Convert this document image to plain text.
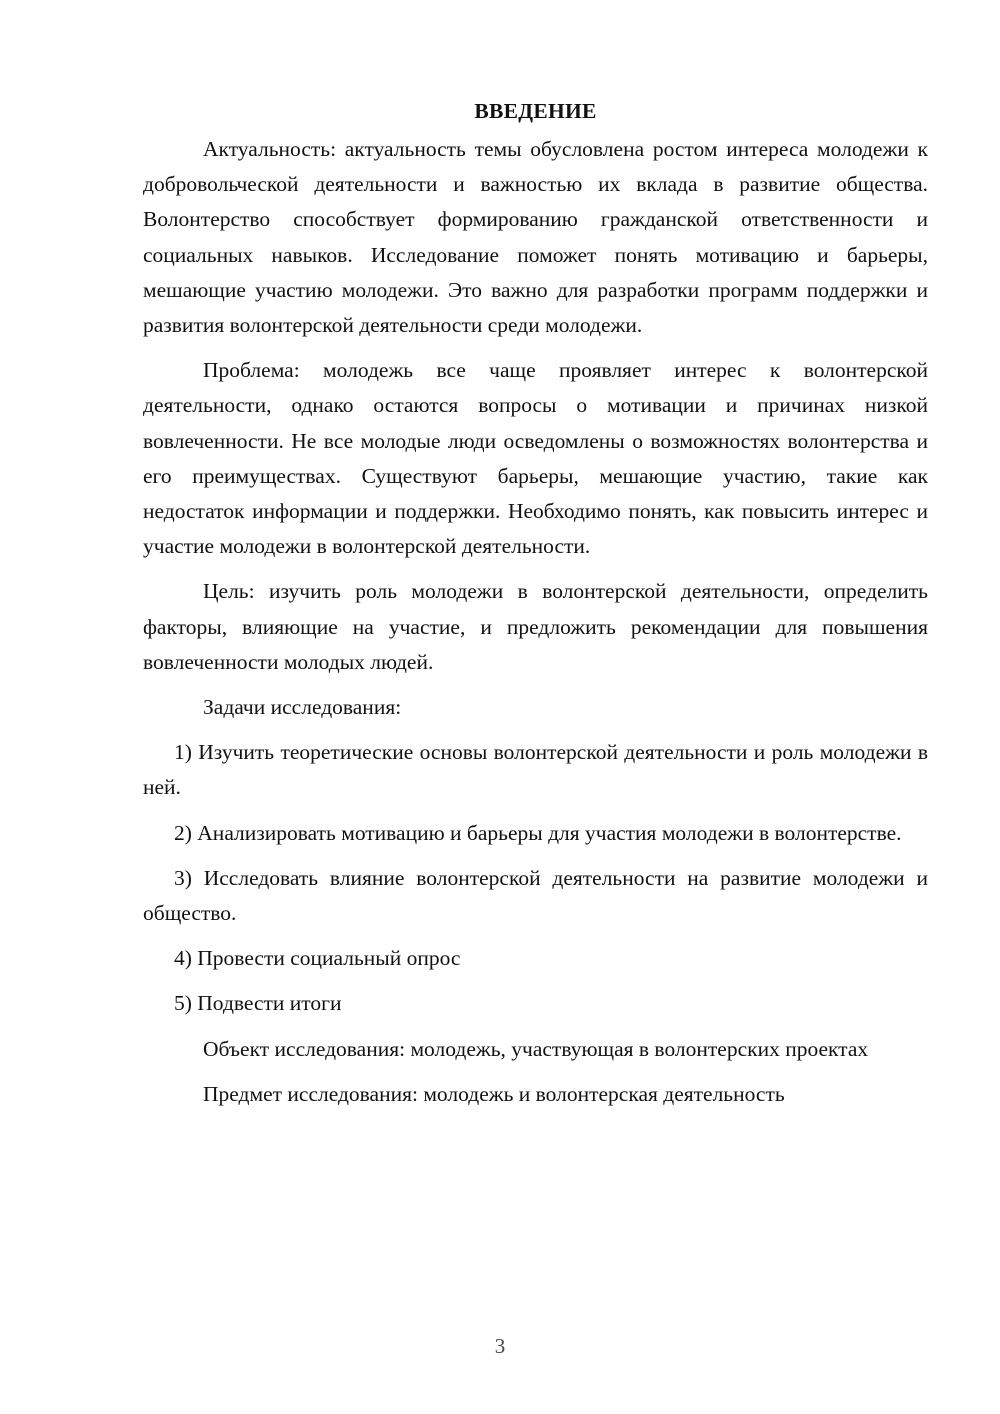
ВВЕДЕНИЕ

Актуальность: актуальность темы обусловлена ростом интереса молодежи к добровольческой деятельности и важностью их вклада в развитие общества. Волонтерство способствует формированию гражданской ответственности и социальных навыков. Исследование поможет понять мотивацию и барьеры, мешающие участию молодежи. Это важно для разработки программ поддержки и развития волонтерской деятельности среди молодежи.

Проблема: молодежь все чаще проявляет интерес к волонтерской деятельности, однако остаются вопросы о мотивации и причинах низкой вовлеченности. Не все молодые люди осведомлены о возможностях волонтерства и его преимуществах. Существуют барьеры, мешающие участию, такие как недостаток информации и поддержки. Необходимо понять, как повысить интерес и участие молодежи в волонтерской деятельности.

Цель: изучить роль молодежи в волонтерской деятельности, определить факторы, влияющие на участие, и предложить рекомендации для повышения вовлеченности молодых людей.

Задачи исследования:

1) Изучить теоретические основы волонтерской деятельности и роль молодежи в ней.

2) Анализировать мотивацию и барьеры для участия молодежи в волонтерстве.

3) Исследовать влияние волонтерской деятельности на развитие молодежи и общество.

4) Провести социальный опрос

5) Подвести итоги

Объект исследования: молодежь, участвующая в волонтерских проектах

Предмет исследования: молодежь и волонтерская деятельность

3
